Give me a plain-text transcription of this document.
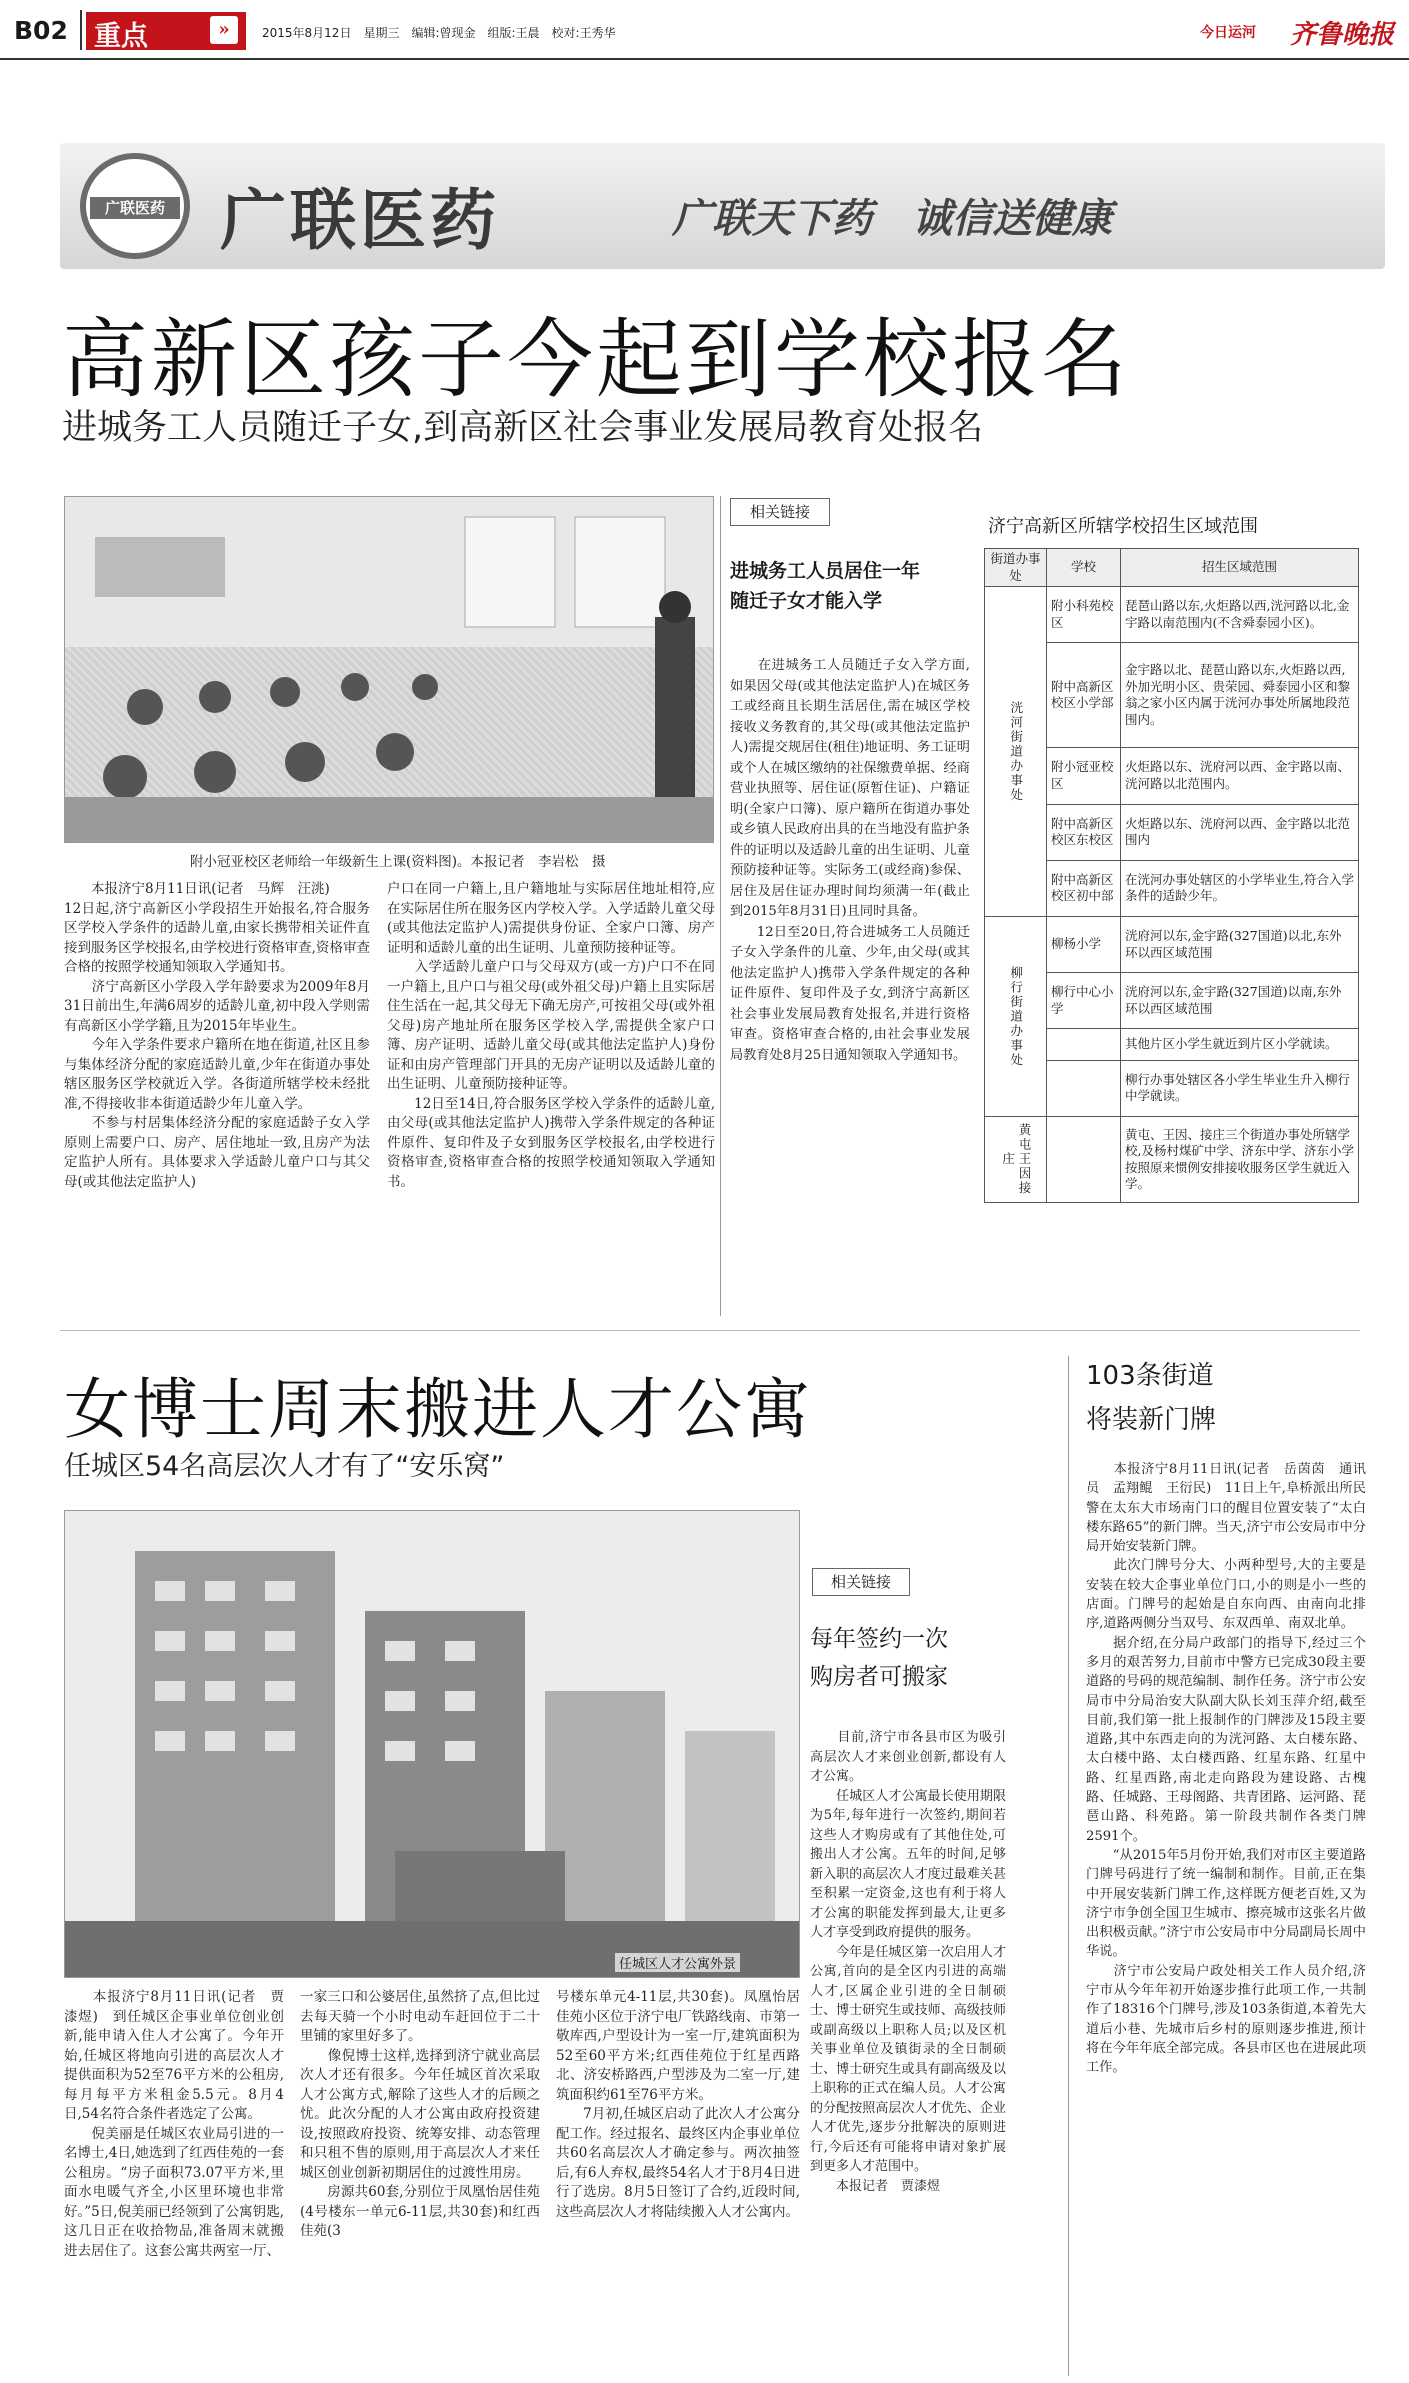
B02 重点	»	2015年8月12日　星期三　编辑:曾现金　组版:王晨　校对:王秀华	今日运河 齐鲁晚报
广联医药 广联医药	广联天下药　诚信送健康
高新区孩子今起到学校报名
进城务工人员随迁子女,到高新区社会事业发展局教育处报名
附小冠亚校区老师给一年级新生上课(资料图)。本报记者　李岩松　摄
　　本报济宁8月11日讯(记者　马辉　汪洮)
12日起,济宁高新区小学段招生开始报名,符合服务区学校入学条件的适龄儿童,由家长携带相关证件直接到服务区学校报名,由学校进行资格审查,资格审查合格的按照学校通知领取入学通知书。
　　济宁高新区小学段入学年龄要求为2009年8月31日前出生,年满6周岁的适龄儿童,初中段入学则需有高新区小学学籍,且为2015年毕业生。
　　今年入学条件要求户籍所在地在街道,社区且参与集体经济分配的家庭适龄儿童,少年在街道办事处辖区服务区学校就近入学。各街道所辖学校未经批准,不得接收非本街道适龄少年儿童入学。
　　不参与村居集体经济分配的家庭适龄子女入学原则上需要户口、房产、居住地址一致,且房产为法定监护人所有。具体要求入学适龄儿童户口与其父母(或其他法定监护人)
户口在同一户籍上,且户籍地址与实际居住地址相符,应在实际居住所在服务区内学校入学。入学适龄儿童父母(或其他法定监护人)需提供身份证、全家户口簿、房产证明和适龄儿童的出生证明、儿童预防接种证等。
　　入学适龄儿童户口与父母双方(或一方)户口不在同一户籍上,且户口与祖父母(或外祖父母)户籍上且实际居住生活在一起,其父母无下确无房产,可按祖父母(或外祖父母)房产地址所在服务区学校入学,需提供全家户口簿、房产证明、适龄儿童父母(或其他法定监护人)身份证和由房产管理部门开具的无房产证明以及适龄儿童的出生证明、儿童预防接种证等。
　　12日至14日,符合服务区学校入学条件的适龄儿童,由父母(或其他法定监护人)携带入学条件规定的各种证件原件、复印件及子女到服务区学校报名,由学校进行资格审查,资格审查合格的按照学校通知领取入学通知书。
相关链接
进城务工人员居住一年
随迁子女才能入学
　　在进城务工人员随迁子女入学方面,如果因父母(或其他法定监护人)在城区务工或经商且长期生活居住,需在城区学校接收义务教育的,其父母(或其他法定监护人)需提交规居住(租住)地证明、务工证明或个人在城区缴纳的社保缴费单据、经商营业执照等、居住证(原暂住证)、户籍证明(全家户口簿)、原户籍所在街道办事处或乡镇人民政府出具的在当地没有监护条件的证明以及适龄儿童的出生证明、儿童预防接种证等。实际务工(或经商)参保、居住及居住证办理时间均须满一年(截止到2015年8月31日)且同时具备。
　　12日至20日,符合进城务工人员随迁子女入学条件的儿童、少年,由父母(或其他法定监护人)携带入学条件规定的各种证件原件、复印件及子女,到济宁高新区社会事业发展局教育处报名,并进行资格审查。资格审查合格的,由社会事业发展局教育处8月25日通知领取入学通知书。
济宁高新区所辖学校招生区域范围
街道办事处	学校	招生区域范围
洸河街道办事处	附小科苑校区	琵琶山路以东,火炬路以西,洸河路以北,金宇路以南范围内(不含舜泰园小区)。
	附中高新区校区小学部	金宇路以北、琵琶山路以东,火炬路以西,外加光明小区、贵荣园、舜泰园小区和黎翁之家小区内属于洸河办事处所属地段范围内。
	附小冠亚校区	火炬路以东、洸府河以西、金宇路以南、洸河路以北范围内。
	附中高新区校区东校区	火炬路以东、洸府河以西、金宇路以北范围内
	附中高新区校区初中部	在洸河办事处辖区的小学毕业生,符合入学条件的适龄少年。
柳行街道办事处	柳杨小学	洸府河以东,金宇路(327国道)以北,东外环以西区域范围
	柳行中心小学	洸府河以东,金宇路(327国道)以南,东外环以西区域范围
		其他片区小学生就近到片区小学就读。
		柳行办事处辖区各小学生毕业生升入柳行中学就读。
黄屯王因接庄		黄屯、王因、接庄三个街道办事处所辖学校,及杨村煤矿中学、济东中学、济东小学按照原来惯例安排接收服务区学生就近入学。
女博士周末搬进人才公寓
任城区54名高层次人才有了“安乐窝”
任城区人才公寓外景
　　本报济宁8月11日讯(记者　贾漆煜)　到任城区企事业单位创业创新,能申请入住人才公寓了。今年开始,任城区将地向引进的高层次人才提供面积为52至76平方米的公租房,每月每平方米租金5.5元。8月4日,54名符合条件者选定了公寓。
　　倪美丽是任城区农业局引进的一名博士,4日,她选到了红西佳苑的一套公租房。“房子面积73.07平方米,里面水电暖气齐全,小区里环境也非常好。”5日,倪美丽已经领到了公寓钥匙,这几日正在收拾物品,准备周末就搬进去居住了。这套公寓共两室一厅、
一家三口和公婆居住,虽然挤了点,但比过去每天骑一个小时电动车赶回位于二十里铺的家里好多了。
　　像倪博士这样,选择到济宁就业高层次人才还有很多。今年任城区首次采取人才公寓方式,解除了这些人才的后顾之忧。此次分配的人才公寓由政府投资建设,按照政府投资、统筹安排、动态管理和只租不售的原则,用于高层次人才来任城区创业创新初期居住的过渡性用房。
　　房源共60套,分别位于凤凰怡居佳苑(4号楼东一单元6-11层,共30套)和红西佳苑(3
号楼东单元4-11层,共30套)。凤凰怡居佳苑小区位于济宁电厂铁路线南、市第一敬库西,户型设计为一室一厅,建筑面积为52至60平方米;红西佳苑位于红星西路北、济安桥路西,户型涉及为二室一厅,建筑面积约61至76平方米。
　　7月初,任城区启动了此次人才公寓分配工作。经过报名、最终区内企事业单位共60名高层次人才确定参与。两次抽签后,有6人弃权,最终54名人才于8月4日进行了选房。8月5日签订了合约,近段时间,这些高层次人才将陆续搬入人才公寓内。
相关链接
每年签约一次
购房者可搬家
　　目前,济宁市各县市区为吸引高层次人才来创业创新,都设有人才公寓。
　　任城区人才公寓最长使用期限为5年,每年进行一次签约,期间若这些人才购房或有了其他住处,可搬出人才公寓。五年的时间,足够新入职的高层次人才度过最难关甚至积累一定资金,这也有利于将人才公寓的职能发挥到最大,让更多人才享受到政府提供的服务。
　　今年是任城区第一次启用人才公寓,首向的是全区内引进的高端人才,区属企业引进的全日制硕士、博士研究生或技师、高级技师或副高级以上职称人员;以及区机关事业单位及镇街录的全日制硕士、博士研究生或具有副高级及以上职称的正式在编人员。人才公寓的分配按照高层次人才优先、企业人才优先,逐步分批解决的原则进行,今后还有可能将申请对象扩展到更多人才范围中。
　　本报记者　贾漆煜
103条街道
将装新门牌
　　本报济宁8月11日讯(记者　岳茵茵　通讯员　孟翔鲲　王衍民)　11日上午,阜桥派出所民警在太东大市场南门口的醒目位置安装了“太白楼东路65”的新门牌。当天,济宁市公安局市中分局开始安装新门牌。
　　此次门牌号分大、小两种型号,大的主要是安装在较大企事业单位门口,小的则是小一些的店面。门牌号的起始是自东向西、由南向北排序,道路两侧分当双号、东双西单、南双北单。
　　据介绍,在分局户政部门的指导下,经过三个多月的艰苦努力,目前市中警方已完成30段主要道路的号码的规范编制、制作任务。济宁市公安局市中分局治安大队副大队长刘玉萍介绍,截至目前,我们第一批上报制作的门牌涉及15段主要道路,其中东西走向的为洸河路、太白楼东路、太白楼中路、太白楼西路、红星东路、红星中路、红星西路,南北走向路段为建设路、古槐路、任城路、王母阁路、共青团路、运河路、琵琶山路、科苑路。第一阶段共制作各类门牌2591个。
　　“从2015年5月份开始,我们对市区主要道路门牌号码进行了统一编制和制作。目前,正在集中开展安装新门牌工作,这样既方便老百姓,又为济宁市争创全国卫生城市、擦亮城市这张名片做出积极贡献。”济宁市公安局市中分局副局长周中华说。
　　济宁市公安局户政处相关工作人员介绍,济宁市从今年年初开始逐步推行此项工作,一共制作了18316个门牌号,涉及103条街道,本着先大道后小巷、先城市后乡村的原则逐步推进,预计将在今年年底全部完成。各县市区也在进展此项工作。
